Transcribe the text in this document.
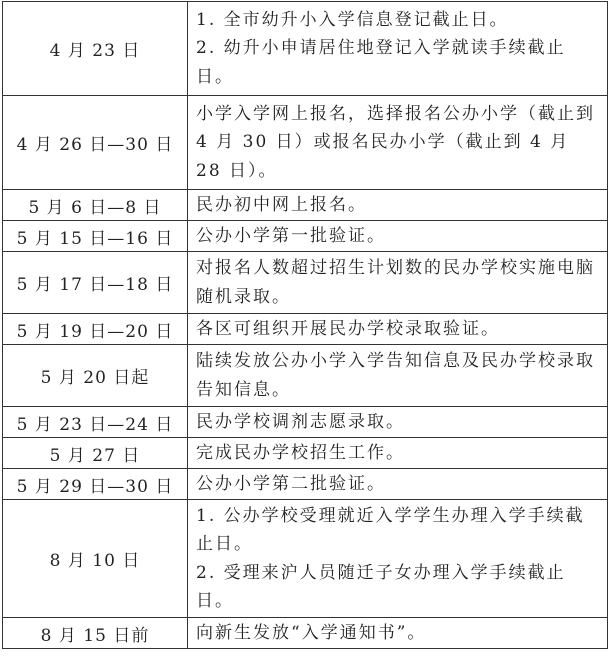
4 月 23 日	1. 全市幼升小入学信息登记截止日。
2. 幼升小申请居住地登记入学就读手续截止日。

4 月 26 日—30 日	小学入学网上报名，选择报名公办小学（截止到 4 月 30 日）或报名民办小学（截止到 4 月 28 日）。

5 月 6 日—8 日	民办初中网上报名。

5 月 15 日—16 日	公办小学第一批验证。

5 月 17 日—18 日	对报名人数超过招生计划数的民办学校实施电脑随机录取。

5 月 19 日—20 日	各区可组织开展民办学校录取验证。

5 月 20 日起	陆续发放公办小学入学告知信息及民办学校录取告知信息。

5 月 23 日—24 日	民办学校调剂志愿录取。

5 月 27 日	完成民办学校招生工作。

5 月 29 日—30 日	公办小学第二批验证。

8 月 10 日	1. 公办学校受理就近入学学生办理入学手续截止日。
2. 受理来沪人员随迁子女办理入学手续截止日。

8 月 15 日前	向新生发放“入学通知书”。
